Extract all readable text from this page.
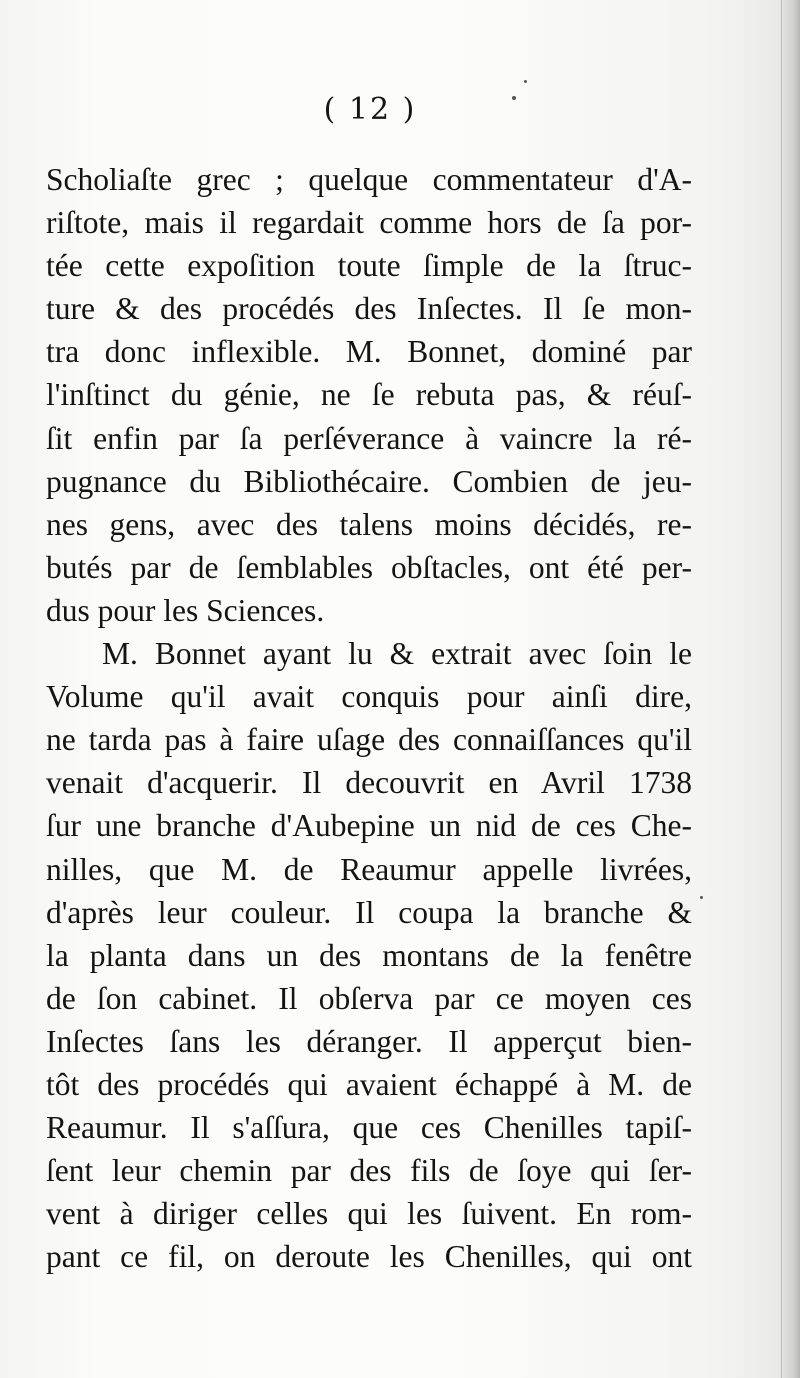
( 12 )
Scholiaſte grec ; quelque commentateur d'A-
riſtote, mais il regardait comme hors de ſa por-
tée cette expoſition toute ſimple de la ſtruc-
ture & des procédés des Inſectes. Il ſe mon-
tra donc inflexible. M. Bonnet, dominé par
l'inſtinct du génie, ne ſe rebuta pas, & réuſ-
ſit enfin par ſa perſéverance à vaincre la ré-
pugnance du Bibliothécaire. Combien de jeu-
nes gens, avec des talens moins décidés, re-
butés par de ſemblables obſtacles, ont été per-
dus pour les Sciences.
M. Bonnet ayant lu & extrait avec ſoin le
Volume qu'il avait conquis pour ainſi dire,
ne tarda pas à faire uſage des connaiſſances qu'il
venait d'acquerir. Il decouvrit en Avril 1738
ſur une branche d'Aubepine un nid de ces Che-
nilles, que M. de Reaumur appelle livrées,
d'après leur couleur. Il coupa la branche &
la planta dans un des montans de la fenêtre
de ſon cabinet. Il obſerva par ce moyen ces
Inſectes ſans les déranger. Il apperçut bien-
tôt des procédés qui avaient échappé à M. de
Reaumur. Il s'aſſura, que ces Chenilles tapiſ-
ſent leur chemin par des fils de ſoye qui ſer-
vent à diriger celles qui les ſuivent. En rom-
pant ce fil, on deroute les Chenilles, qui ont
